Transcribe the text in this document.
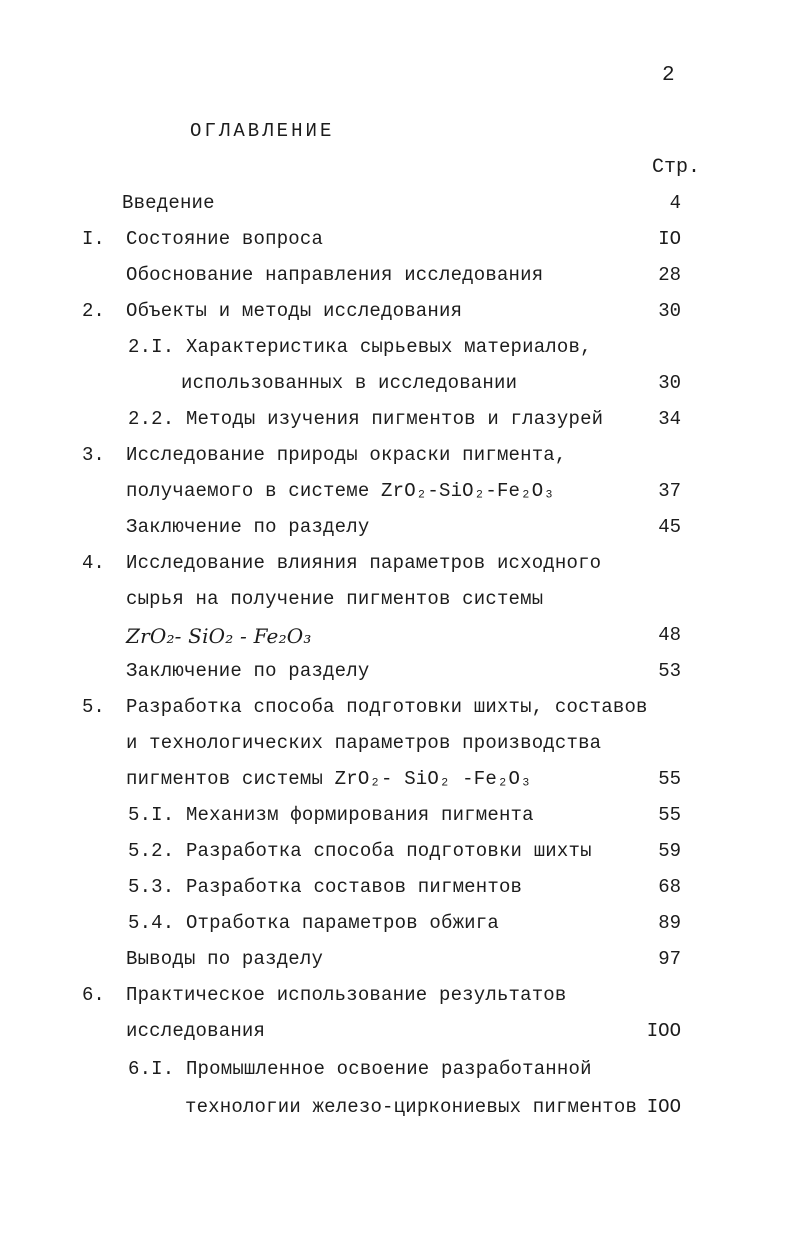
2
ОГЛАВЛЕНИЕ
Стр.
Введение	4
I. Состояние вопроса	IO
Обоснование направления исследования	28
2. Объекты и методы исследования	30
2.I. Характеристика сырьевых материалов,
использованных в исследовании	30
2.2. Методы изучения пигментов и глазурей	34
3. Исследование природы окраски пигмента,
получаемого в системе ZrO₂-SiO₂-Fe₂O₃	37
Заключение по разделу	45
4. Исследование влияния параметров исходного
сырья на получение пигментов системы
ZrO₂- SiO₂ - Fe₂O₃	48
Заключение по разделу	53
5. Разработка способа подготовки шихты, составов
и технологических параметров производства
пигментов системы ZrO₂- SiO₂ -Fe₂O₃	55
5.I. Механизм формирования пигмента	55
5.2. Разработка способа подготовки шихты	59
5.3. Разработка составов пигментов	68
5.4. Отработка параметров обжига	89
Выводы по разделу	97
6. Практическое использование результатов
исследования	IOO
6.I. Промышленное освоение разработанной
технологии железо-циркониевых пигментов IOO
